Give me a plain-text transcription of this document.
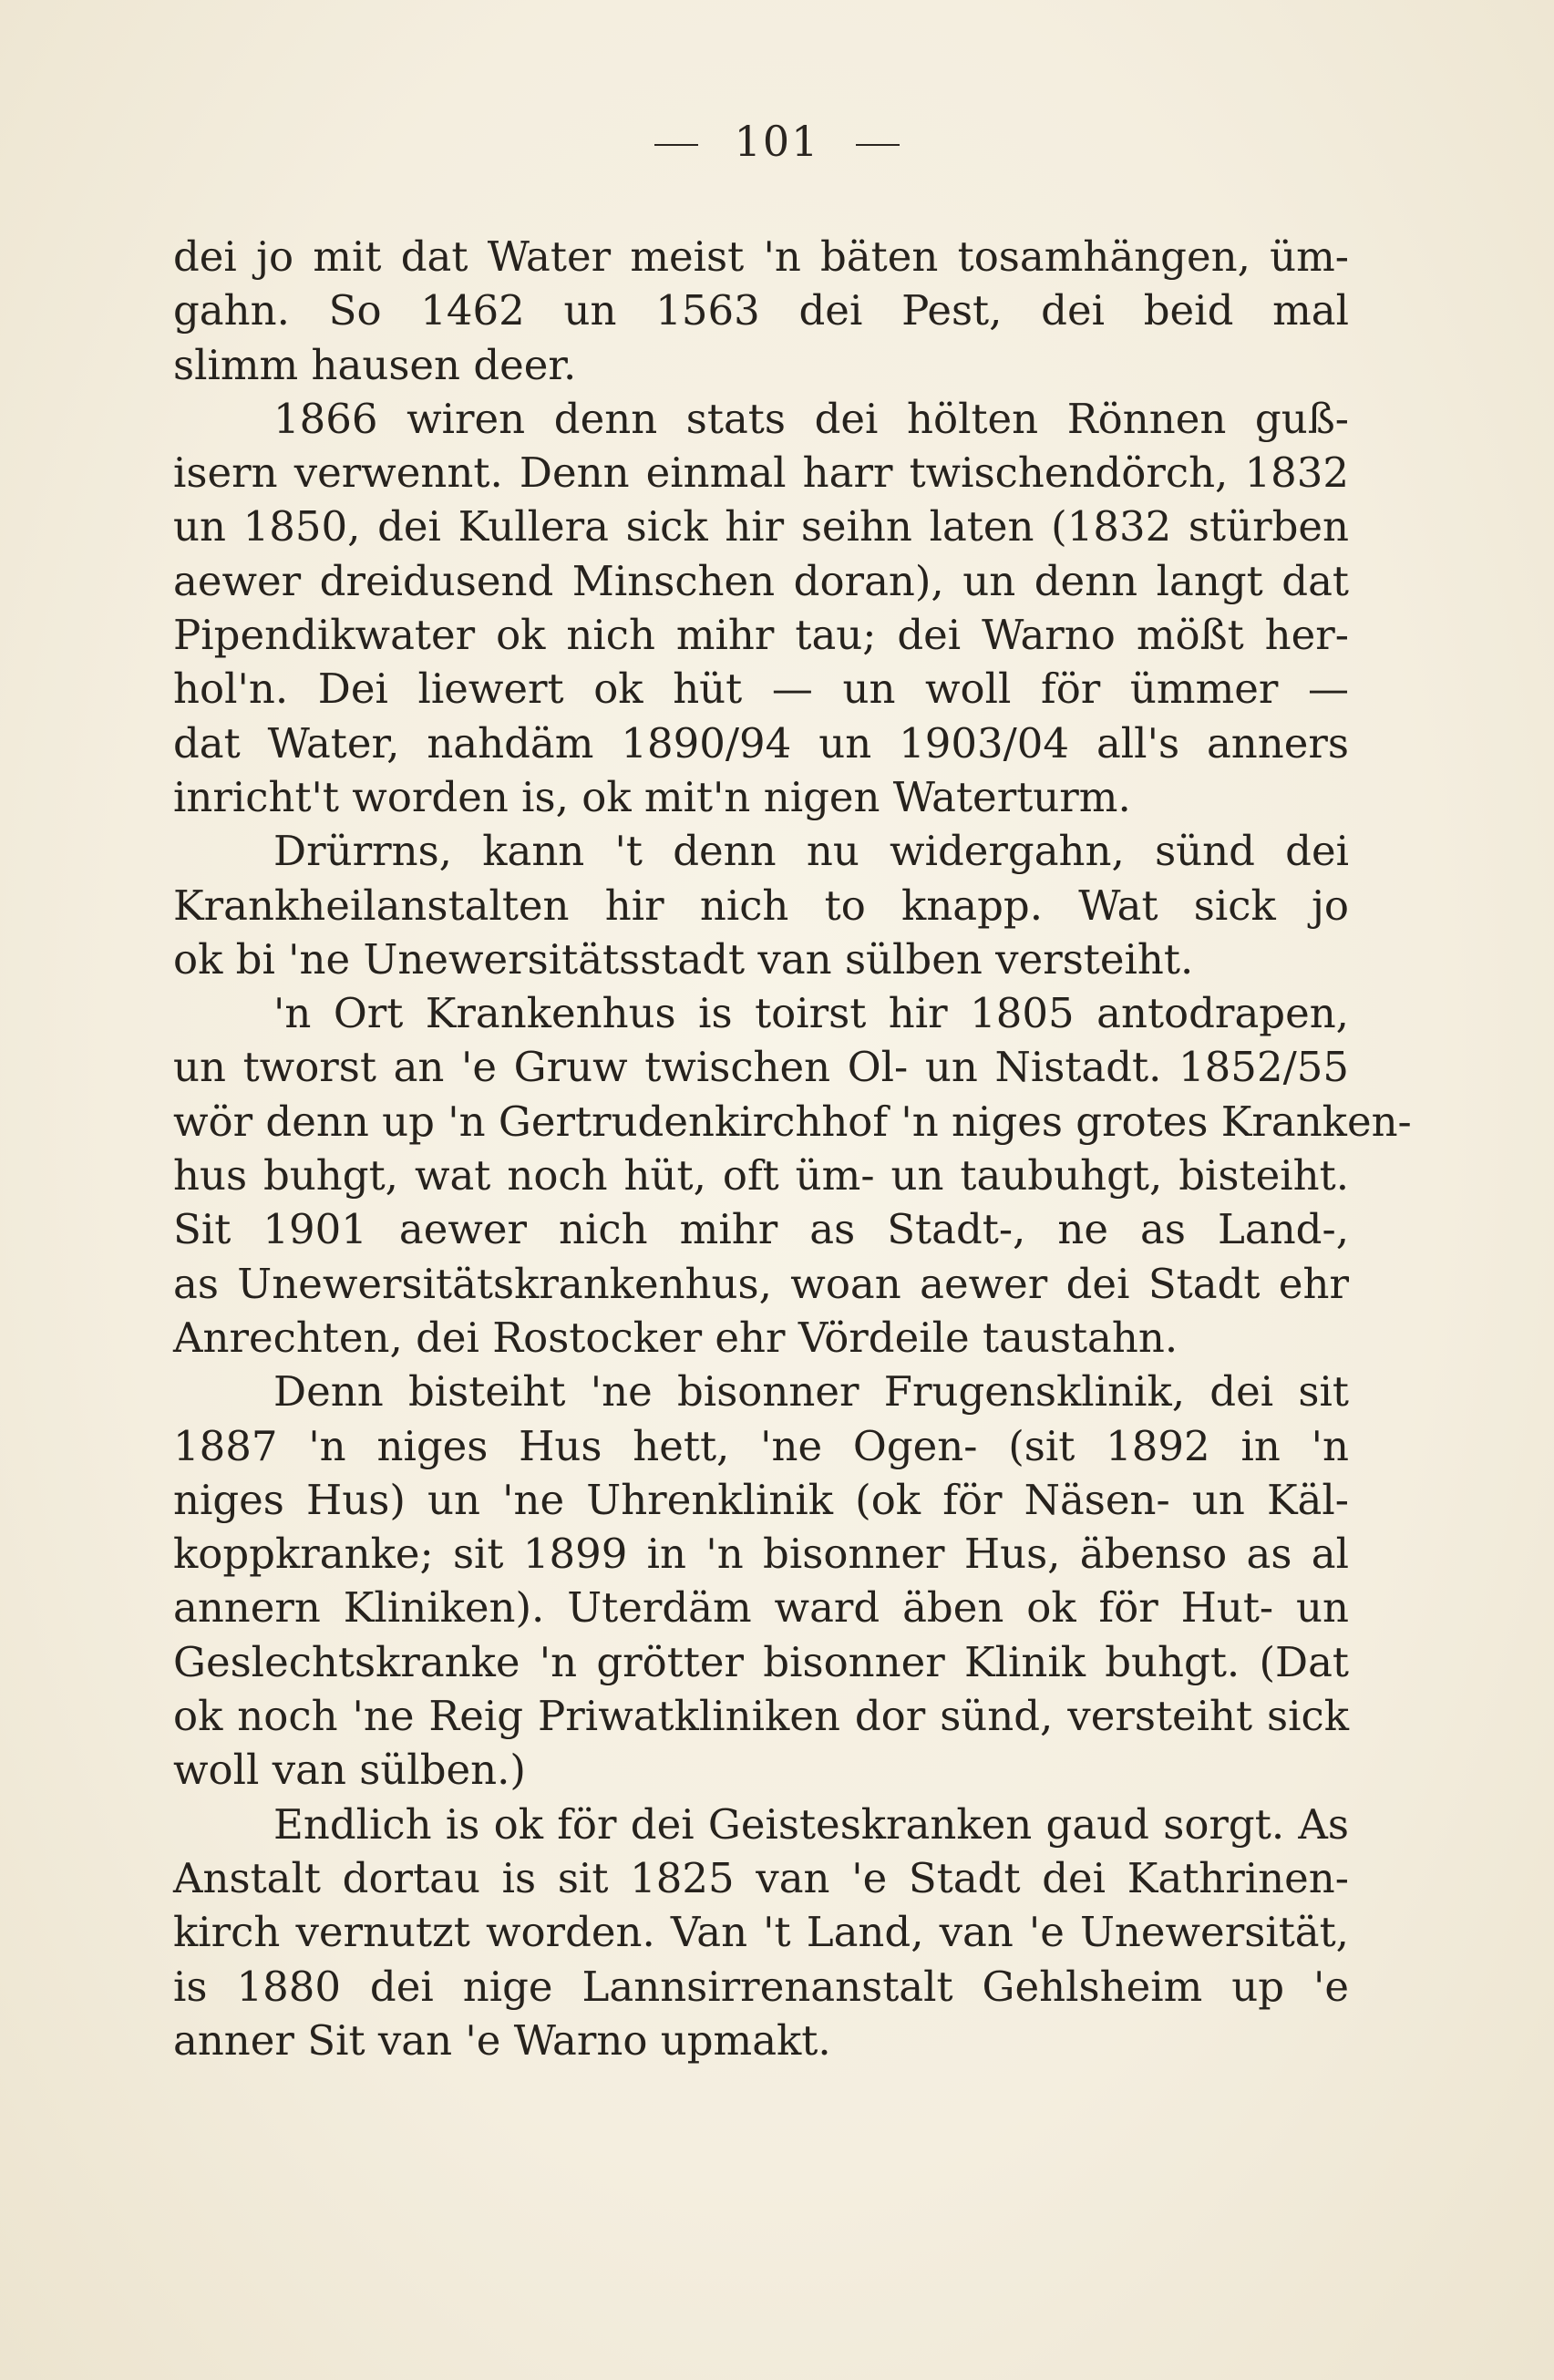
101
dei jo mit dat Water meist 'n bäten tosamhängen, üm-
gahn. So 1462 un 1563 dei Pest, dei beid mal
slimm hausen deer.
1866 wiren denn stats dei hölten Rönnen guß-
isern verwennt. Denn einmal harr twischendörch, 1832
un 1850, dei Kullera sick hir seihn laten (1832 stürben
aewer dreidusend Minschen doran), un denn langt dat
Pipendikwater ok nich mihr tau; dei Warno mößt her-
hol'n. Dei liewert ok hüt — un woll för ümmer —
dat Water, nahdäm 1890/94 un 1903/04 all's anners
inricht't worden is, ok mit'n nigen Waterturm.
Drürrns, kann 't denn nu widergahn, sünd dei
Krankheilanstalten hir nich to knapp. Wat sick jo
ok bi 'ne Unewersitätsstadt van sülben versteiht.
'n Ort Krankenhus is toirst hir 1805 antodrapen,
un tworst an 'e Gruw twischen Ol- un Nistadt. 1852/55
wör denn up 'n Gertrudenkirchhof 'n niges grotes Kranken-
hus buhgt, wat noch hüt, oft üm- un taubuhgt, bisteiht.
Sit 1901 aewer nich mihr as Stadt-, ne as Land-,
as Unewersitätskrankenhus, woan aewer dei Stadt ehr
Anrechten, dei Rostocker ehr Vördeile taustahn.
Denn bisteiht 'ne bisonner Frugensklinik, dei sit
1887 'n niges Hus hett, 'ne Ogen- (sit 1892 in 'n
niges Hus) un 'ne Uhrenklinik (ok för Näsen- un Käl-
koppkranke; sit 1899 in 'n bisonner Hus, äbenso as al
annern Kliniken). Uterdäm ward äben ok för Hut- un
Geslechtskranke 'n grötter bisonner Klinik buhgt. (Dat
ok noch 'ne Reig Priwatkliniken dor sünd, versteiht sick
woll van sülben.)
Endlich is ok för dei Geisteskranken gaud sorgt. As
Anstalt dortau is sit 1825 van 'e Stadt dei Kathrinen-
kirch vernutzt worden. Van 't Land, van 'e Unewersität,
is 1880 dei nige Lannsirrenanstalt Gehlsheim up 'e
anner Sit van 'e Warno upmakt.
